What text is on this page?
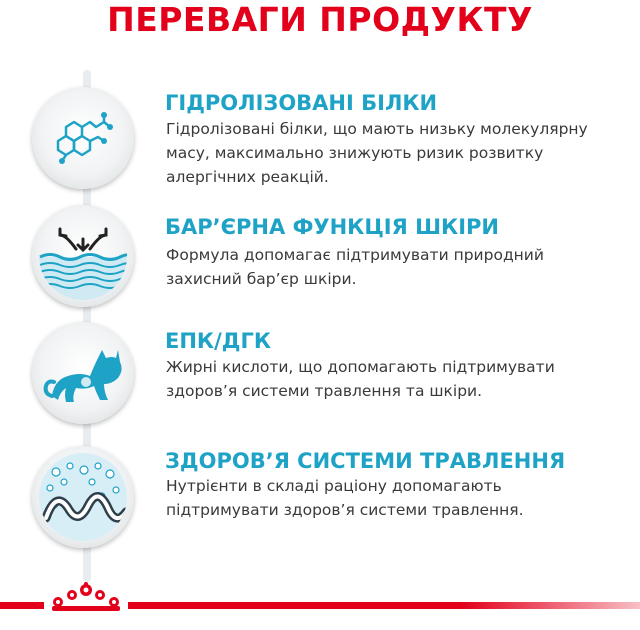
ПЕРЕВАГИ ПРОДУКТУ
ГІДРОЛІЗОВАНІ БІЛКИ
Гідролізовані білки, що мають низьку молекулярну
масу, максимально знижують ризик розвитку
алергічних реакцій.
БАР’ЄРНА ФУНКЦІЯ ШКІРИ
Формула допомагає підтримувати природний
захисний бар’єр шкіри.
ЕПК/ДГК
Жирні кислоти, що допомагають підтримувати
здоров’я системи травлення та шкіри.
ЗДОРОВ’Я СИСТЕМИ ТРАВЛЕННЯ
Нутрієнти в складі раціону допомагають
підтримувати здоров’я системи травлення.
